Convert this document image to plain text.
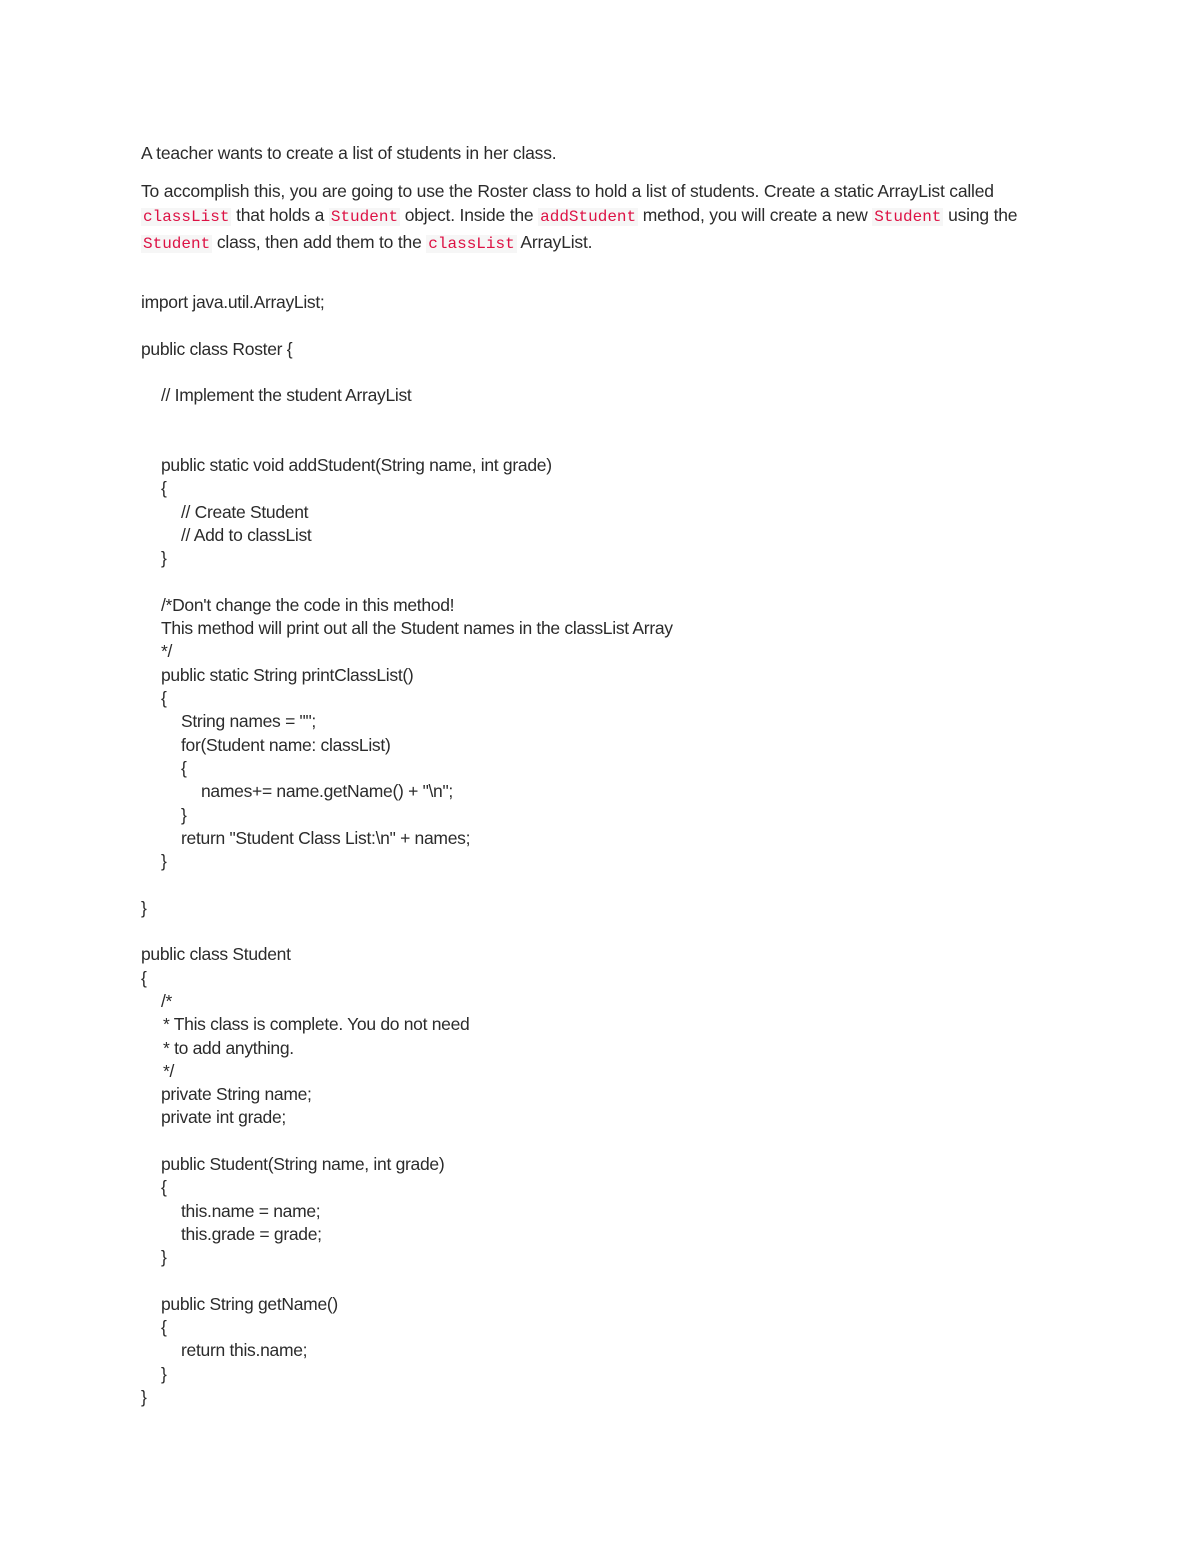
A teacher wants to create a list of students in her class.

To accomplish this, you are going to use the Roster class to hold a list of students. Create a static ArrayList called classList that holds a Student object. Inside the addStudent method, you will create a new Student using the Student class, then add them to the classList ArrayList.

import java.util.ArrayList;
public class Roster {
// Implement the student ArrayList
public static void addStudent(String name, int grade)
{
// Create Student
// Add to classList
}
/*Don't change the code in this method!
This method will print out all the Student names in the classList Array
*/
public static String printClassList()
{
String names = "";
for(Student name: classList)
{
names+= name.getName() + "\n";
}
return "Student Class List:\n" + names;
}
}
public class Student
{
/*
* This class is complete. You do not need
* to add anything.
*/
private String name;
private int grade;
public Student(String name, int grade)
{
this.name = name;
this.grade = grade;
}
public String getName()
{
return this.name;
}
}
